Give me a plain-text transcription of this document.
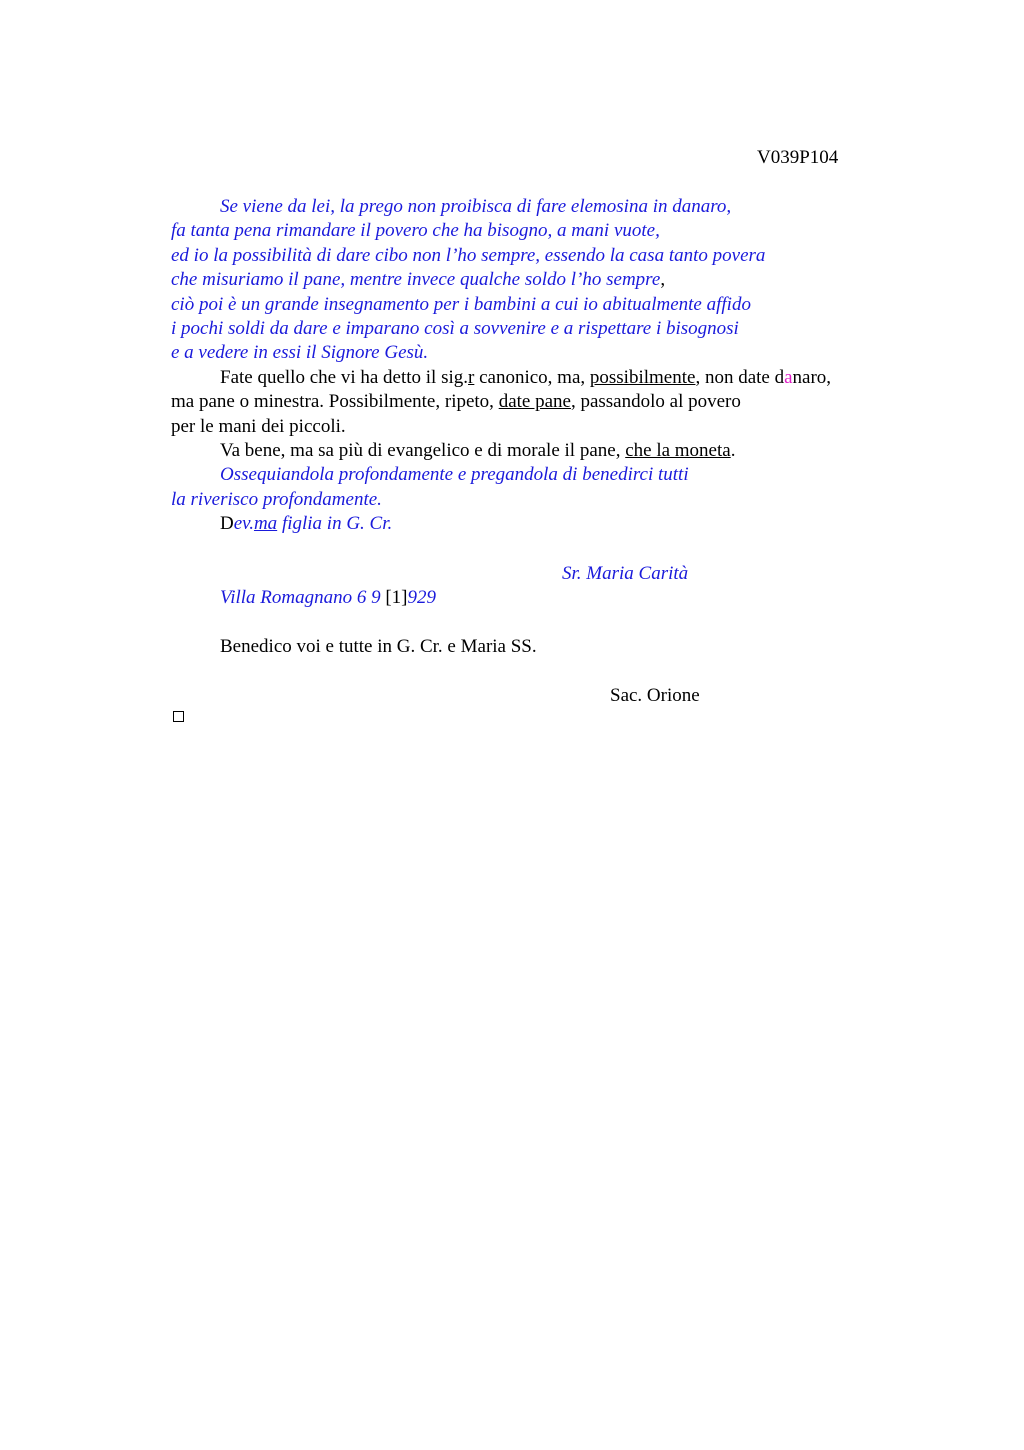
V039P104
Se viene da lei, la prego non proibisca di fare elemosina in danaro,
fa tanta pena rimandare il povero che ha bisogno, a mani vuote,
ed io la possibilità di dare cibo non l’ho sempre, essendo la casa tanto povera
che misuriamo il pane, mentre invece qualche soldo l’ho sempre,
ciò poi è un grande insegnamento per i bambini a cui io abitualmente affido
i pochi soldi da dare e imparano così a sovvenire e a rispettare i bisognosi
e a vedere in essi il Signore Gesù.
Fate quello che vi ha detto il sig.r canonico, ma, possibilmente, non date danaro,
ma pane o minestra. Possibilmente, ripeto, date pane, passandolo al povero
per le mani dei piccoli.
Va bene, ma sa più di evangelico e di morale il pane, che la moneta.
Ossequiandola profondamente e pregandola di benedirci tutti
la riverisco profondamente.
Dev.ma figlia in G. Cr.
Sr. Maria Carità
Villa Romagnano 6 9 [1]929
Benedico voi e tutte in G. Cr. e Maria SS.
Sac. Orione
